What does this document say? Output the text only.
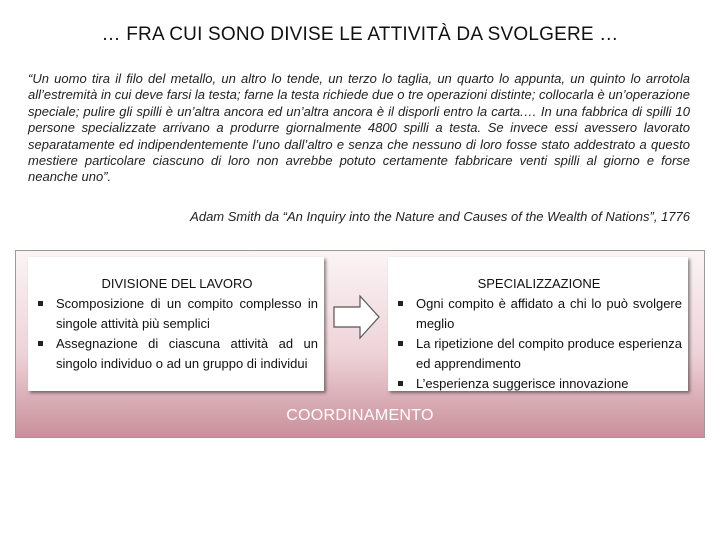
… FRA CUI SONO DIVISE LE ATTIVITÀ DA SVOLGERE …
“Un uomo tira il filo del metallo, un altro lo tende, un terzo lo taglia, un quarto lo appunta, un quinto lo arrotola all’estremità in cui deve farsi la testa; farne la testa richiede due o tre operazioni distinte; collocarla è un’operazione speciale; pulire gli spilli è un’altra ancora ed un’altra ancora è il disporli entro la carta.… In una fabbrica di spilli 10 persone specializzate arrivano a produrre giornalmente 4800 spilli a testa. Se invece essi avessero lavorato separatamente ed indipendentemente l’uno dall’altro e senza che nessuno di loro fosse stato addestrato a questo mestiere particolare ciascuno di loro non avrebbe potuto certamente fabbricare venti spilli al giorno e forse neanche uno”.
Adam Smith da “An Inquiry into the Nature and Causes of the Wealth of Nations”, 1776
DIVISIONE DEL LAVORO
Scomposizione di un compito complesso in singole attività più semplici
Assegnazione di ciascuna attività ad un singolo individuo o ad un gruppo di individui
SPECIALIZZAZIONE
Ogni compito è affidato a chi lo può svolgere meglio
La ripetizione del compito produce esperienza ed apprendimento
L’esperienza suggerisce innovazione
COORDINAMENTO
